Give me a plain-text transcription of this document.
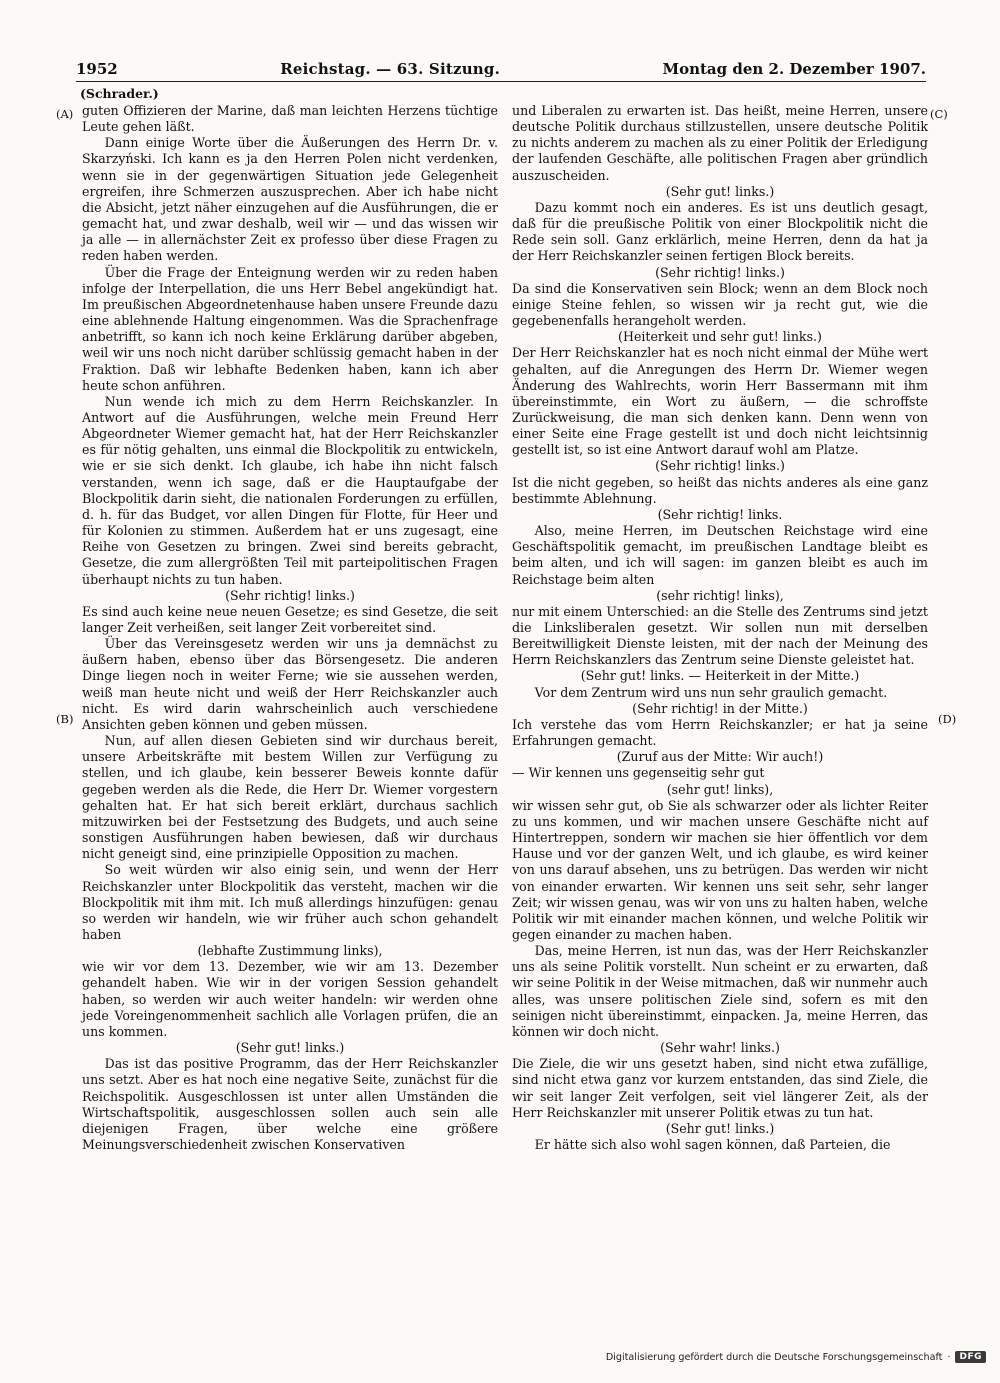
1952	Reichstag. — 63. Sitzung.	Montag den 2. Dezember 1907.
(Schrader.)
(A)
(B)
(C)
(D)

guten Offizieren der Marine, daß man leichten Herzens tüchtige Leute gehen läßt.

Dann einige Worte über die Äußerungen des Herrn Dr. v. Skarzyński. Ich kann es ja den Herren Polen nicht verdenken, wenn sie in der gegenwärtigen Situation jede Gelegenheit ergreifen, ihre Schmerzen auszusprechen. Aber ich habe nicht die Absicht, jetzt näher einzugehen auf die Ausführungen, die er gemacht hat, und zwar deshalb, weil wir — und das wissen wir ja alle — in allernächster Zeit ex professo über diese Fragen zu reden haben werden.

Über die Frage der Enteignung werden wir zu reden haben infolge der Interpellation, die uns Herr Bebel angekündigt hat. Im preußischen Abgeordnetenhause haben unsere Freunde dazu eine ablehnende Haltung eingenommen. Was die Sprachenfrage anbetrifft, so kann ich noch keine Erklärung darüber abgeben, weil wir uns noch nicht darüber schlüssig gemacht haben in der Fraktion. Daß wir lebhafte Bedenken haben, kann ich aber heute schon anführen.

Nun wende ich mich zu dem Herrn Reichskanzler. In Antwort auf die Ausführungen, welche mein Freund Herr Abgeordneter Wiemer gemacht hat, hat der Herr Reichskanzler es für nötig gehalten, uns einmal die Blockpolitik zu entwickeln, wie er sie sich denkt. Ich glaube, ich habe ihn nicht falsch verstanden, wenn ich sage, daß er die Hauptaufgabe der Blockpolitik darin sieht, die nationalen Forderungen zu erfüllen, d. h. für das Budget, vor allen Dingen für Flotte, für Heer und für Kolonien zu stimmen. Außerdem hat er uns zugesagt, eine Reihe von Gesetzen zu bringen. Zwei sind bereits gebracht, Gesetze, die zum allergrößten Teil mit parteipolitischen Fragen überhaupt nichts zu tun haben.

(Sehr richtig! links.)

Es sind auch keine neue neuen Gesetze; es sind Gesetze, die seit langer Zeit verheißen, seit langer Zeit vorbereitet sind.

Über das Vereinsgesetz werden wir uns ja demnächst zu äußern haben, ebenso über das Börsengesetz. Die anderen Dinge liegen noch in weiter Ferne; wie sie aussehen werden, weiß man heute nicht und weiß der Herr Reichskanzler auch nicht. Es wird darin wahrscheinlich auch verschiedene Ansichten geben können und geben müssen.

Nun, auf allen diesen Gebieten sind wir durchaus bereit, unsere Arbeitskräfte mit bestem Willen zur Verfügung zu stellen, und ich glaube, kein besserer Beweis konnte dafür gegeben werden als die Rede, die Herr Dr. Wiemer vorgestern gehalten hat. Er hat sich bereit erklärt, durchaus sachlich mitzuwirken bei der Festsetzung des Budgets, und auch seine sonstigen Ausführungen haben bewiesen, daß wir durchaus nicht geneigt sind, eine prinzipielle Opposition zu machen.

So weit würden wir also einig sein, und wenn der Herr Reichskanzler unter Blockpolitik das versteht, machen wir die Blockpolitik mit ihm mit. Ich muß allerdings hinzufügen: genau so werden wir handeln, wie wir früher auch schon gehandelt haben

(lebhafte Zustimmung links),

wie wir vor dem 13. Dezember, wie wir am 13. Dezember gehandelt haben. Wie wir in der vorigen Session gehandelt haben, so werden wir auch weiter handeln: wir werden ohne jede Voreingenommenheit sachlich alle Vorlagen prüfen, die an uns kommen.

(Sehr gut! links.)

Das ist das positive Programm, das der Herr Reichskanzler uns setzt. Aber es hat noch eine negative Seite, zunächst für die Reichspolitik. Ausgeschlossen ist unter allen Umständen die Wirtschaftspolitik, ausgeschlossen sollen auch sein alle diejenigen Fragen, über welche eine größere Meinungsverschiedenheit zwischen Konservativen

und Liberalen zu erwarten ist. Das heißt, meine Herren, unsere deutsche Politik durchaus stillzustellen, unsere deutsche Politik zu nichts anderem zu machen als zu einer Politik der Erledigung der laufenden Geschäfte, alle politischen Fragen aber gründlich auszuscheiden.

(Sehr gut! links.)

Dazu kommt noch ein anderes. Es ist uns deutlich gesagt, daß für die preußische Politik von einer Blockpolitik nicht die Rede sein soll. Ganz erklärlich, meine Herren, denn da hat ja der Herr Reichskanzler seinen fertigen Block bereits.

(Sehr richtig! links.)

Da sind die Konservativen sein Block; wenn an dem Block noch einige Steine fehlen, so wissen wir ja recht gut, wie die gegebenenfalls herangeholt werden.

(Heiterkeit und sehr gut! links.)

Der Herr Reichskanzler hat es noch nicht einmal der Mühe wert gehalten, auf die Anregungen des Herrn Dr. Wiemer wegen Änderung des Wahlrechts, worin Herr Bassermann mit ihm übereinstimmte, ein Wort zu äußern, — die schroffste Zurückweisung, die man sich denken kann. Denn wenn von einer Seite eine Frage gestellt ist und doch nicht leichtsinnig gestellt ist, so ist eine Antwort darauf wohl am Platze.

(Sehr richtig! links.)

Ist die nicht gegeben, so heißt das nichts anderes als eine ganz bestimmte Ablehnung.

(Sehr richtig! links.

Also, meine Herren, im Deutschen Reichstage wird eine Geschäftspolitik gemacht, im preußischen Landtage bleibt es beim alten, und ich will sagen: im ganzen bleibt es auch im Reichstage beim alten

(sehr richtig! links),

nur mit einem Unterschied: an die Stelle des Zentrums sind jetzt die Linksliberalen gesetzt. Wir sollen nun mit derselben Bereitwilligkeit Dienste leisten, mit der nach der Meinung des Herrn Reichskanzlers das Zentrum seine Dienste geleistet hat.

(Sehr gut! links. — Heiterkeit in der Mitte.)

Vor dem Zentrum wird uns nun sehr graulich gemacht.

(Sehr richtig! in der Mitte.)

Ich verstehe das vom Herrn Reichskanzler; er hat ja seine Erfahrungen gemacht.

(Zuruf aus der Mitte: Wir auch!)

— Wir kennen uns gegenseitig sehr gut

(sehr gut! links),

wir wissen sehr gut, ob Sie als schwarzer oder als lichter Reiter zu uns kommen, und wir machen unsere Geschäfte nicht auf Hintertreppen, sondern wir machen sie hier öffentlich vor dem Hause und vor der ganzen Welt, und ich glaube, es wird keiner von uns darauf absehen, uns zu betrügen. Das werden wir nicht von einander erwarten. Wir kennen uns seit sehr, sehr langer Zeit; wir wissen genau, was wir von uns zu halten haben, welche Politik wir mit einander machen können, und welche Politik wir gegen einander zu machen haben.

Das, meine Herren, ist nun das, was der Herr Reichskanzler uns als seine Politik vorstellt. Nun scheint er zu erwarten, daß wir seine Politik in der Weise mitmachen, daß wir nunmehr auch alles, was unsere politischen Ziele sind, sofern es mit den seinigen nicht übereinstimmt, einpacken. Ja, meine Herren, das können wir doch nicht.

(Sehr wahr! links.)

Die Ziele, die wir uns gesetzt haben, sind nicht etwa zufällige, sind nicht etwa ganz vor kurzem entstanden, das sind Ziele, die wir seit langer Zeit verfolgen, seit viel längerer Zeit, als der Herr Reichskanzler mit unserer Politik etwas zu tun hat.

(Sehr gut! links.)

Er hätte sich also wohl sagen können, daß Parteien, die

Digitalisierung gefördert durch die Deutsche Forschungsgemeinschaft ·	DFG
